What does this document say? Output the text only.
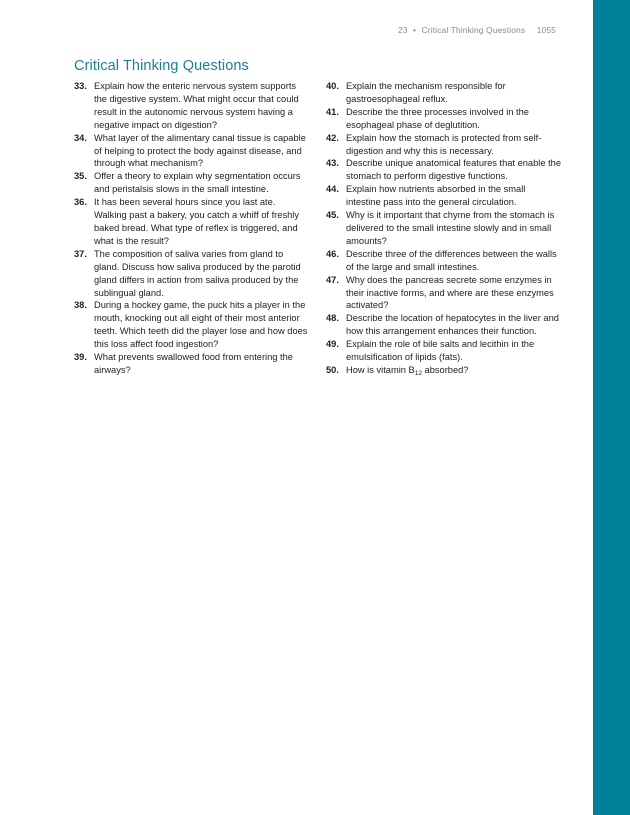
23 • Critical Thinking Questions 1055
Critical Thinking Questions
33. Explain how the enteric nervous system supports the digestive system. What might occur that could result in the autonomic nervous system having a negative impact on digestion?
34. What layer of the alimentary canal tissue is capable of helping to protect the body against disease, and through what mechanism?
35. Offer a theory to explain why segmentation occurs and peristalsis slows in the small intestine.
36. It has been several hours since you last ate. Walking past a bakery, you catch a whiff of freshly baked bread. What type of reflex is triggered, and what is the result?
37. The composition of saliva varies from gland to gland. Discuss how saliva produced by the parotid gland differs in action from saliva produced by the sublingual gland.
38. During a hockey game, the puck hits a player in the mouth, knocking out all eight of their most anterior teeth. Which teeth did the player lose and how does this loss affect food ingestion?
39. What prevents swallowed food from entering the airways?
40. Explain the mechanism responsible for gastroesophageal reflux.
41. Describe the three processes involved in the esophageal phase of deglutition.
42. Explain how the stomach is protected from self-digestion and why this is necessary.
43. Describe unique anatomical features that enable the stomach to perform digestive functions.
44. Explain how nutrients absorbed in the small intestine pass into the general circulation.
45. Why is it important that chyme from the stomach is delivered to the small intestine slowly and in small amounts?
46. Describe three of the differences between the walls of the large and small intestines.
47. Why does the pancreas secrete some enzymes in their inactive forms, and where are these enzymes activated?
48. Describe the location of hepatocytes in the liver and how this arrangement enhances their function.
49. Explain the role of bile salts and lecithin in the emulsification of lipids (fats).
50. How is vitamin $B_{12}$ absorbed?
